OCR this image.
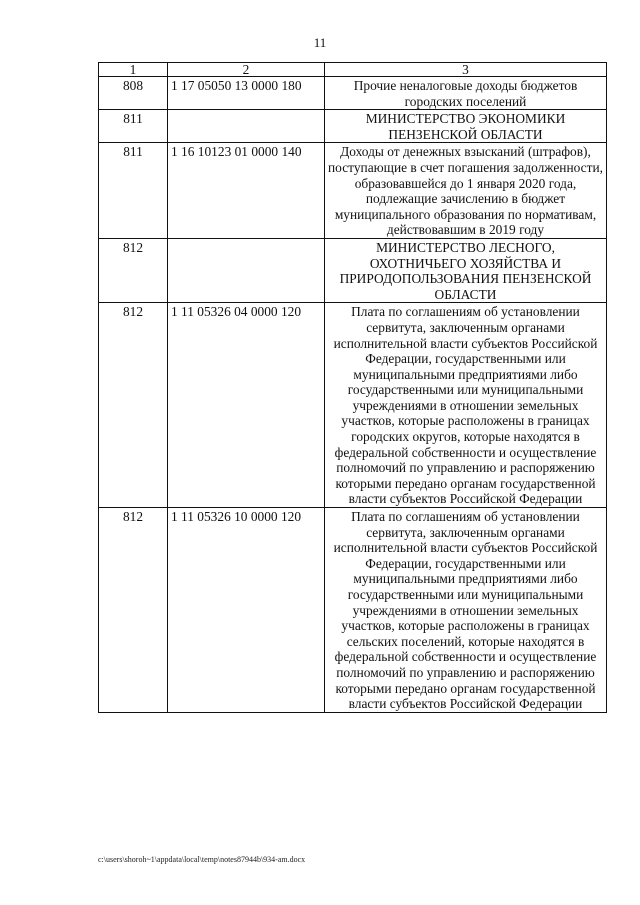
11
1	2	3
808	1 17 05050 13 0000 180	Прочие неналоговые доходы бюджетов городских поселений
811		МИНИСТЕРСТВО ЭКОНОМИКИ ПЕНЗЕНСКОЙ ОБЛАСТИ
811	1 16 10123 01 0000 140	Доходы от денежных взысканий (штрафов), поступающие в счет погашения задолженности, образовавшейся до 1 января 2020 года, подлежащие зачислению в бюджет муниципального образования по нормативам, действовавшим в 2019 году
812		МИНИСТЕРСТВО ЛЕСНОГО, ОХОТНИЧЬЕГО ХОЗЯЙСТВА И ПРИРОДОПОЛЬЗОВАНИЯ ПЕНЗЕНСКОЙ ОБЛАСТИ
812	1 11 05326 04 0000 120	Плата по соглашениям об установлении сервитута, заключенным органами исполнительной власти субъектов Российской Федерации, государственными или муниципальными предприятиями либо государственными или муниципальными учреждениями в отношении земельных участков, которые расположены в границах городских округов, которые находятся в федеральной собственности и осуществление полномочий по управлению и распоряжению которыми передано органам государственной власти субъектов Российской Федерации
812	1 11 05326 10 0000 120	Плата по соглашениям об установлении сервитута, заключенным органами исполнительной власти субъектов Российской Федерации, государственными или муниципальными предприятиями либо государственными или муниципальными учреждениями в отношении земельных участков, которые расположены в границах сельских поселений, которые находятся в федеральной собственности и осуществление полномочий по управлению и распоряжению которыми передано органам государственной власти субъектов Российской Федерации
c:\users\shoroh~1\appdata\local\temp\notes87944b\934-am.docx
